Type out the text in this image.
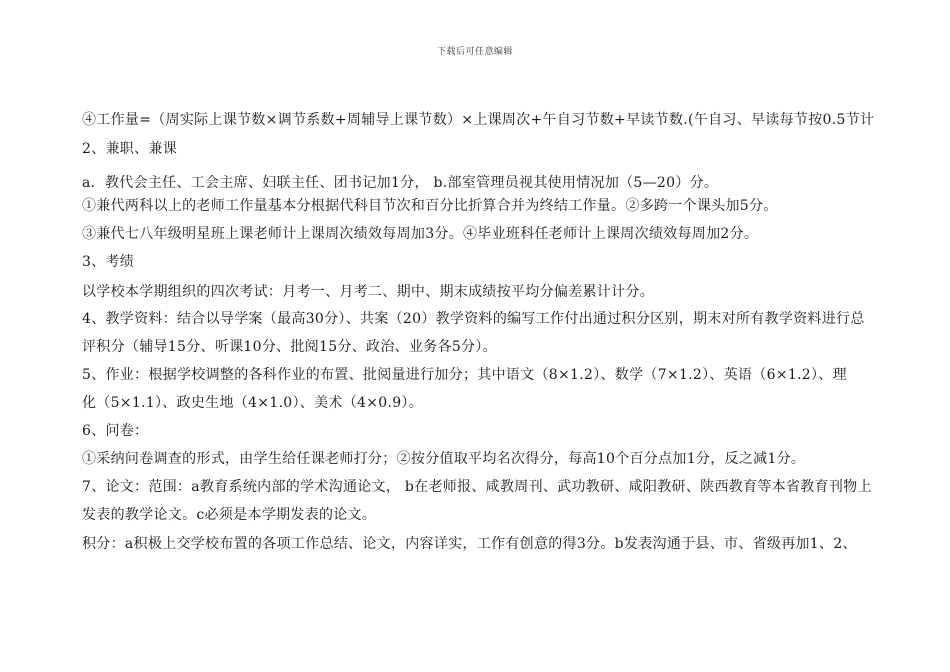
下载后可任意编辑
④工作量=（周实际上课节数×调节系数+周辅导上课节数）×上课周次+午自习节数+早读节数.(午自习、早读每节按0.5节计
2、兼职、兼课
a．教代会主任、工会主席、妇联主任、团书记加1分， b.部室管理员视其使用情况加（5—20）分。
①兼代两科以上的老师工作量基本分根据代科目节次和百分比折算合并为终结工作量。②多跨一个课头加5分。
③兼代七八年级明星班上课老师计上课周次绩效每周加3分。④毕业班科任老师计上课周次绩效每周加2分。
3、考绩
以学校本学期组织的四次考试：月考一、月考二、期中、期末成绩按平均分偏差累计计分。
4、教学资料：结合以导学案（最高30分）、共案（20）教学资料的编写工作付出通过积分区别，期末对所有教学资料进行总
评积分（辅导15分、听课10分、批阅15分、政治、业务各5分）。
5、作业：根据学校调整的各科作业的布置、批阅量进行加分；其中语文（8×1.2）、数学（7×1.2）、英语（6×1.2）、理
化（5×1.1）、政史生地（4×1.0）、美术（4×0.9）。
6、问卷：
①采纳问卷调查的形式，由学生给任课老师打分；②按分值取平均名次得分，每高10个百分点加1分，反之减1分。
7、论文：范围：a教育系统内部的学术沟通论文， b在老师报、咸教周刊、武功教研、咸阳教研、陕西教育等本省教育刊物上
发表的教学论文。c必须是本学期发表的论文。
积分：a积极上交学校布置的各项工作总结、论文，内容详实，工作有创意的得3分。b发表沟通于县、市、省级再加1、2、
